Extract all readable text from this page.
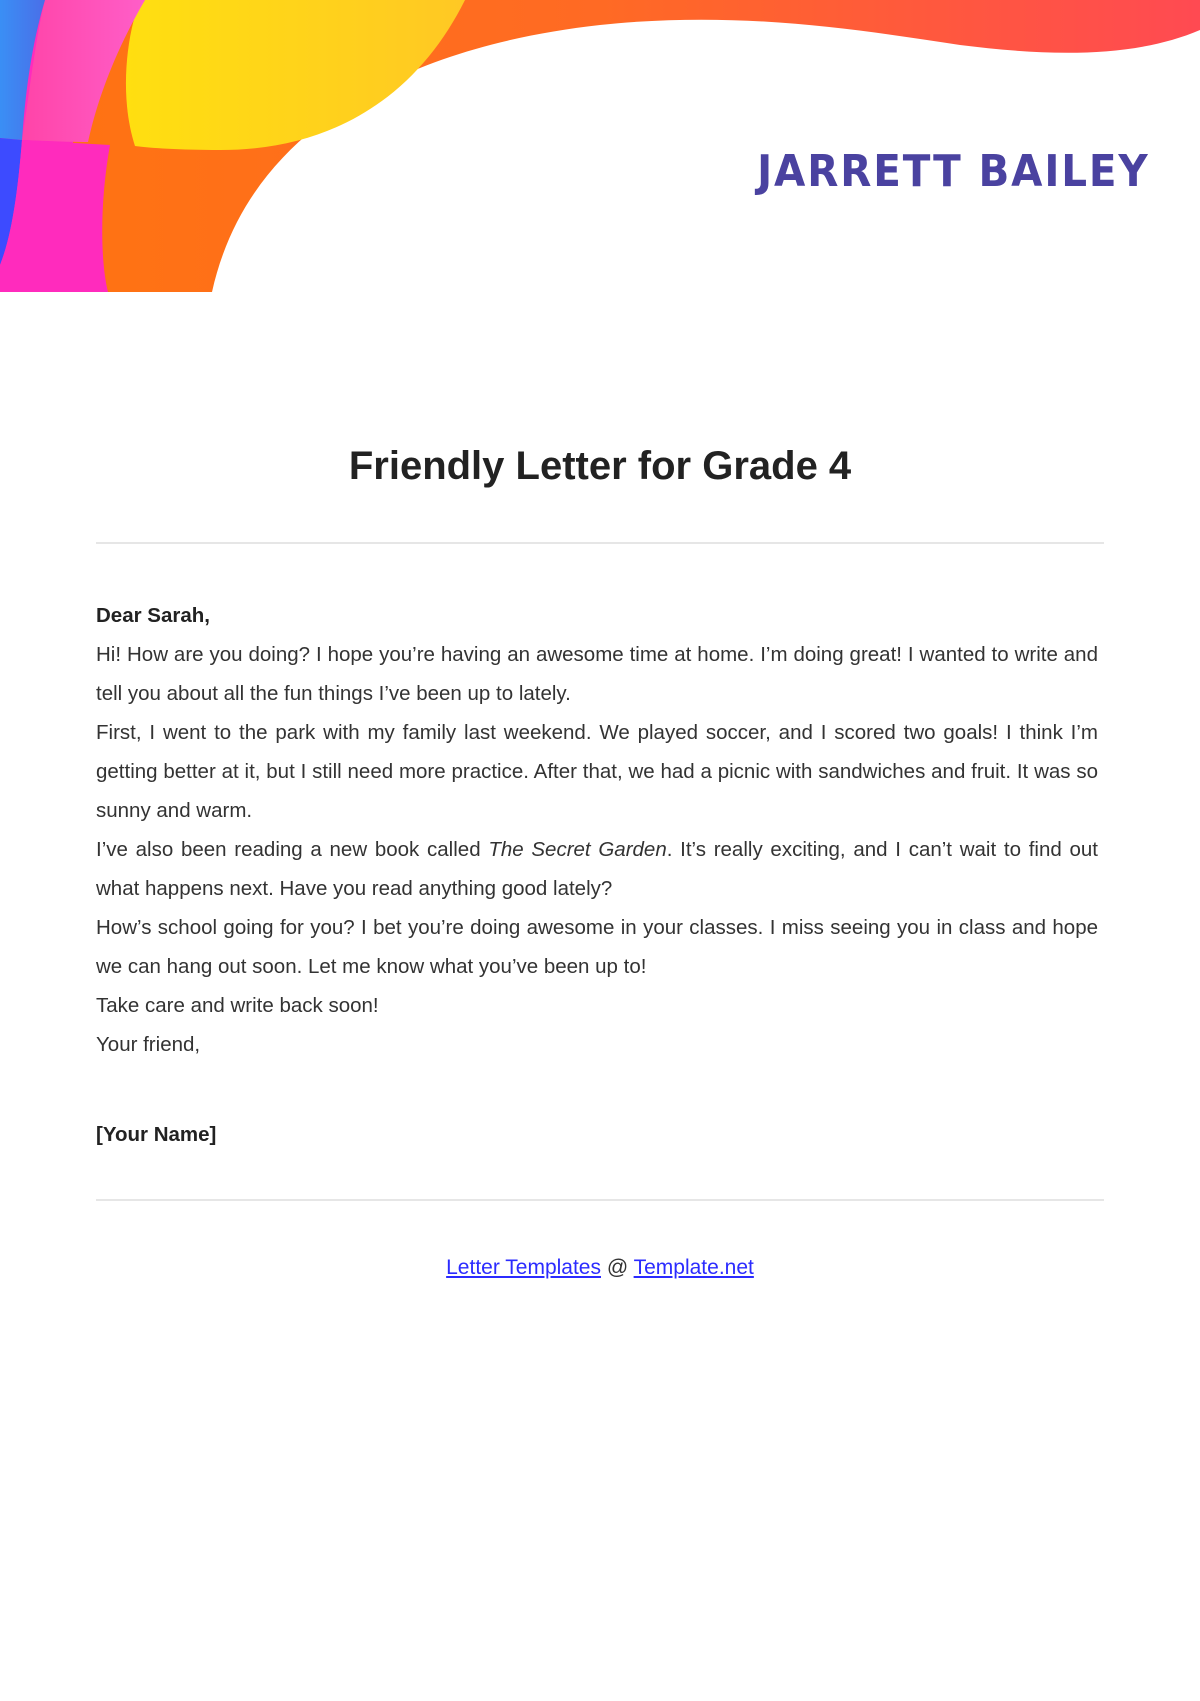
JARRETT BAILEY
Friendly Letter for Grade 4

Dear Sarah,

Hi! How are you doing? I hope you’re having an awesome time at home. I’m doing great! I wanted to write and tell you about all the fun things I’ve been up to lately.

First, I went to the park with my family last weekend. We played soccer, and I scored two goals! I think I’m getting better at it, but I still need more practice. After that, we had a picnic with sandwiches and fruit. It was so sunny and warm.

I’ve also been reading a new book called The Secret Garden. It’s really exciting, and I can’t wait to find out what happens next. Have you read anything good lately?

How’s school going for you? I bet you’re doing awesome in your classes. I miss seeing you in class and hope we can hang out soon. Let me know what you’ve been up to!

Take care and write back soon!

Your friend,

[Your Name]

Letter Templates @ Template.net
